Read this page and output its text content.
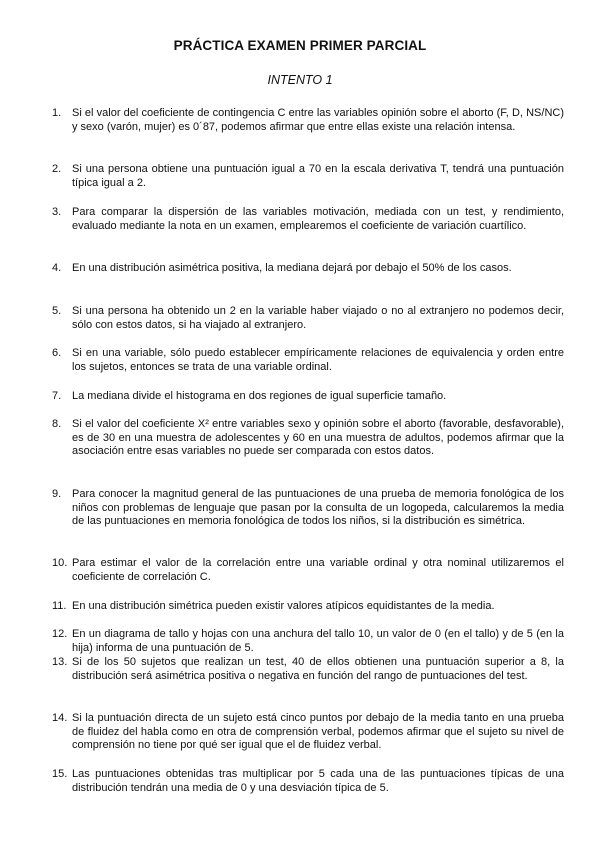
PRÁCTICA EXAMEN PRIMER PARCIAL
INTENTO 1
1. Si el valor del coeficiente de contingencia C entre las variables opinión sobre el aborto (F, D, NS/NC) y sexo (varón, mujer) es 0´87, podemos afirmar que entre ellas existe una relación intensa.
2. Si una persona obtiene una puntuación igual a 70 en la escala derivativa T, tendrá una puntuación típica igual a 2.
3. Para comparar la dispersión de las variables motivación, mediada con un test, y rendimiento, evaluado mediante la nota en un examen, emplearemos el coeficiente de variación cuartílico.
4. En una distribución asimétrica positiva, la mediana dejará por debajo el 50% de los casos.
5. Si una persona ha obtenido un 2 en la variable haber viajado o no al extranjero no podemos decir, sólo con estos datos, si ha viajado al extranjero.
6. Si en una variable, sólo puedo establecer empíricamente relaciones de equivalencia y orden entre los sujetos, entonces se trata de una variable ordinal.
7. La mediana divide el histograma en dos regiones de igual superficie tamaño.
8. Si el valor del coeficiente X² entre variables sexo y opinión sobre el aborto (favorable, desfavorable), es de 30 en una muestra de adolescentes y 60 en una muestra de adultos, podemos afirmar que la asociación entre esas variables no puede ser comparada con estos datos.
9. Para conocer la magnitud general de las puntuaciones de una prueba de memoria fonológica de los niños con problemas de lenguaje que pasan por la consulta de un logopeda, calcularemos la media de las puntuaciones en memoria fonológica de todos los niños, si la distribución es simétrica.
10. Para estimar el valor de la correlación entre una variable ordinal y otra nominal utilizaremos el coeficiente de correlación C.
11. En una distribución simétrica pueden existir valores atípicos equidistantes de la media.
12. En un diagrama de tallo y hojas con una anchura del tallo 10, un valor de 0 (en el tallo) y de 5 (en la hija) informa de una puntuación de 5.
13. Si de los 50 sujetos que realizan un test, 40 de ellos obtienen una puntuación superior a 8, la distribución será asimétrica positiva o negativa en función del rango de puntuaciones del test.
14. Si la puntuación directa de un sujeto está cinco puntos por debajo de la media tanto en una prueba de fluidez del habla como en otra de comprensión verbal, podemos afirmar que el sujeto su nivel de comprensión no tiene por qué ser igual que el de fluidez verbal.
15. Las puntuaciones obtenidas tras multiplicar por 5 cada una de las puntuaciones típicas de una distribución tendrán una media de 0 y una desviación típica de 5.
